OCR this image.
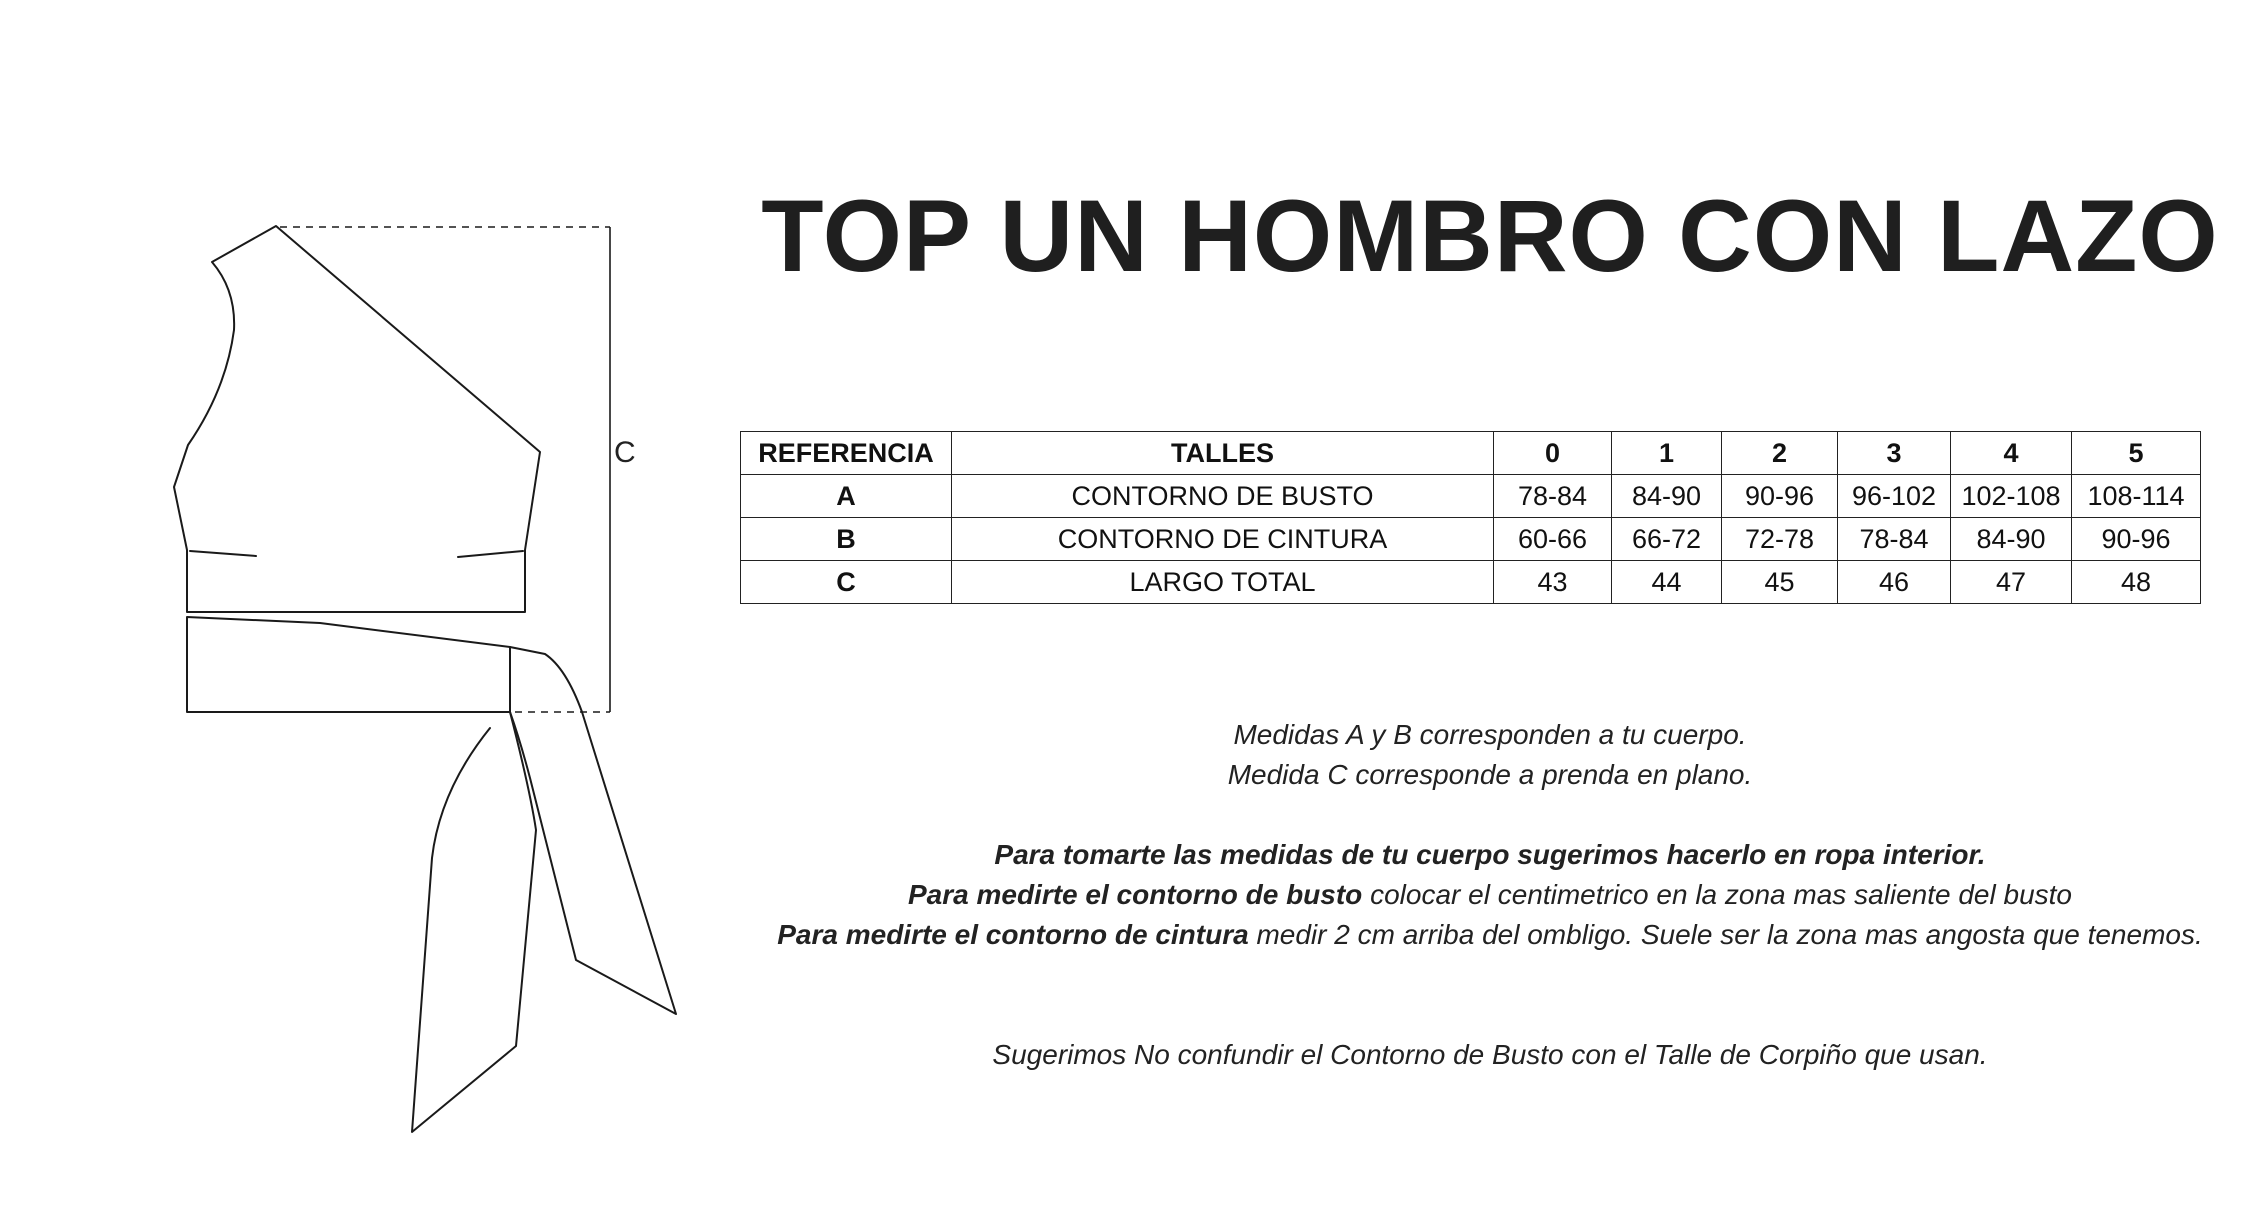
C
TOP UN HOMBRO CON LAZO
REFERENCIA	TALLES	0	1	2	3	4	5
A	CONTORNO DE BUSTO	78-84	84-90	90-96	96-102	102-108	108-114
B	CONTORNO DE CINTURA	60-66	66-72	72-78	78-84	84-90	90-96
C	LARGO TOTAL	43	44	45	46	47	48
Medidas A y B corresponden a tu cuerpo.
Medida C corresponde a prenda en plano.
Para tomarte las medidas de tu cuerpo sugerimos hacerlo en ropa interior.
Para medirte el contorno de busto colocar el centimetrico en la zona mas saliente del busto
Para medirte el contorno de cintura medir 2 cm arriba del ombligo. Suele ser la zona mas angosta que tenemos.
Sugerimos No confundir el Contorno de Busto con el Talle de Corpiño que usan.
